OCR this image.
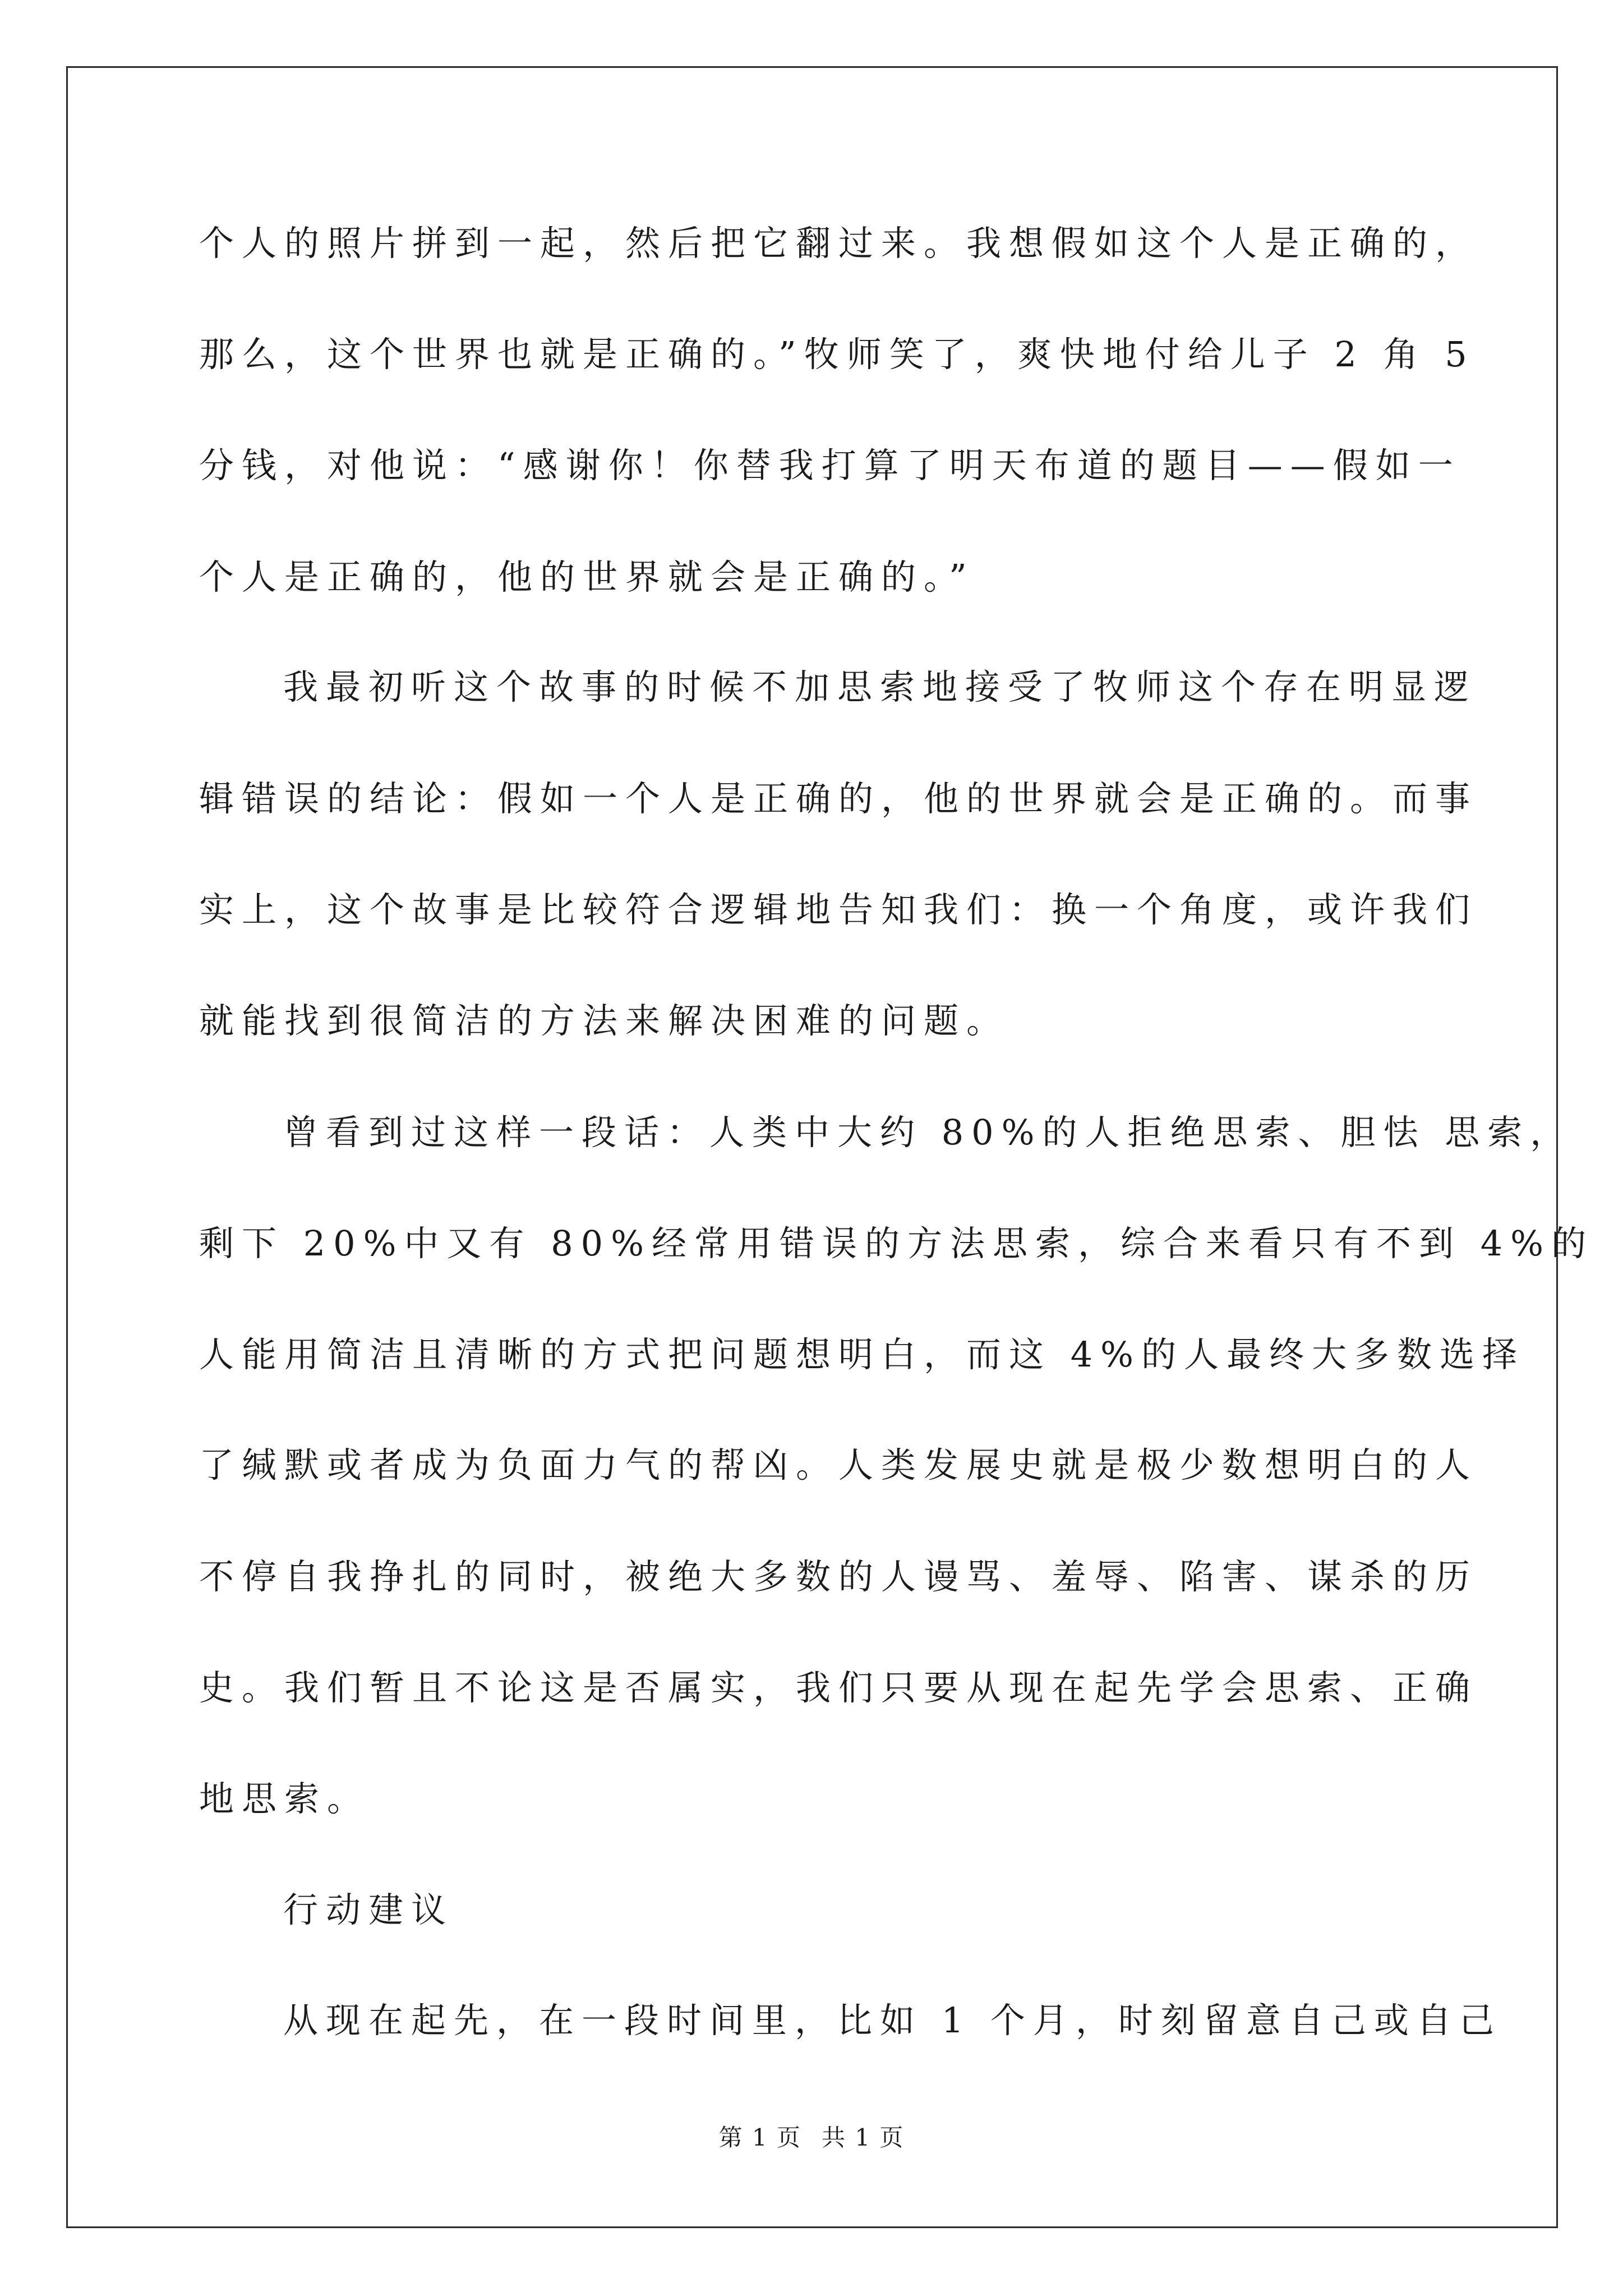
个人的照片拼到一起，然后把它翻过来。我想假如这个人是正确的，
那么，这个世界也就是正确的。”牧师笑了，爽快地付给儿子 2 角 5
分钱，对他说：“感谢你！你替我打算了明天布道的题目——假如一
个人是正确的，他的世界就会是正确的。”
我最初听这个故事的时候不加思索地接受了牧师这个存在明显逻
辑错误的结论：假如一个人是正确的，他的世界就会是正确的。而事
实上，这个故事是比较符合逻辑地告知我们：换一个角度，或许我们
就能找到很简洁的方法来解决困难的问题。
曾看到过这样一段话：人类中大约 80%的人拒绝思索、胆怯 思索，
剩下 20%中又有 80%经常用错误的方法思索，综合来看只有不到 4%的
人能用简洁且清晰的方式把问题想明白，而这 4%的人最终大多数选择
了缄默或者成为负面力气的帮凶。人类发展史就是极少数想明白的人
不停自我挣扎的同时，被绝大多数的人谩骂、羞辱、陷害、谋杀的历
史。我们暂且不论这是否属实，我们只要从现在起先学会思索、正确
地思索。
行动建议
从现在起先，在一段时间里，比如 1 个月，时刻留意自己或自己
第 1 页 共 1 页
